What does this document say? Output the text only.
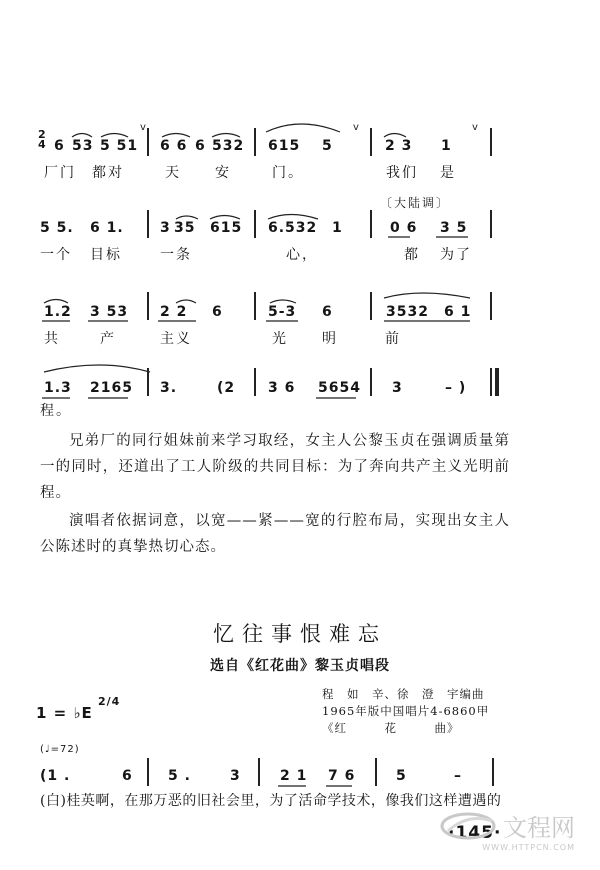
2
4 6 53 5 51 6 6 6 532 615 5	2 3 1
v	v	v
厂门 都对	天 安	门。	我们 是
〔大陆调〕
5 5. 6 1.	3 35 615 6.532 1	0 6 3 5
一个 目标	一条	心，	都 为了
1.2 3 53 2 2 6	5-3 6	3532 6 1
共	产	主义	光 明	前
1.3 2165 3.	(2 3 6 5654 3	– )
程。
兄弟厂的同行姐妹前来学习取经，女主人公黎玉贞在强调质量第一的同时，还道出了工人阶级的共同目标：为了奔向共产主义光明前程。
演唱者依据词意，以宽——紧——宽的行腔布局，实现出女主人公陈述时的真挚热切心态。
忆往事恨难忘
选自《红花曲》黎玉贞唱段
程　如　辛、徐　澄　宇编曲
1965年版中国唱片4-6860甲
《红　　　花　　　曲》
1 = ♭E
2/4
(♩=72)
(1 .	6	5 .	3	2 1 7 6	5	–
(白)桂英啊，在那万恶的旧社会里，为了活命学技术，像我们这样遭遇的
·145· 文程网
WWW.HTTPCN.COM
